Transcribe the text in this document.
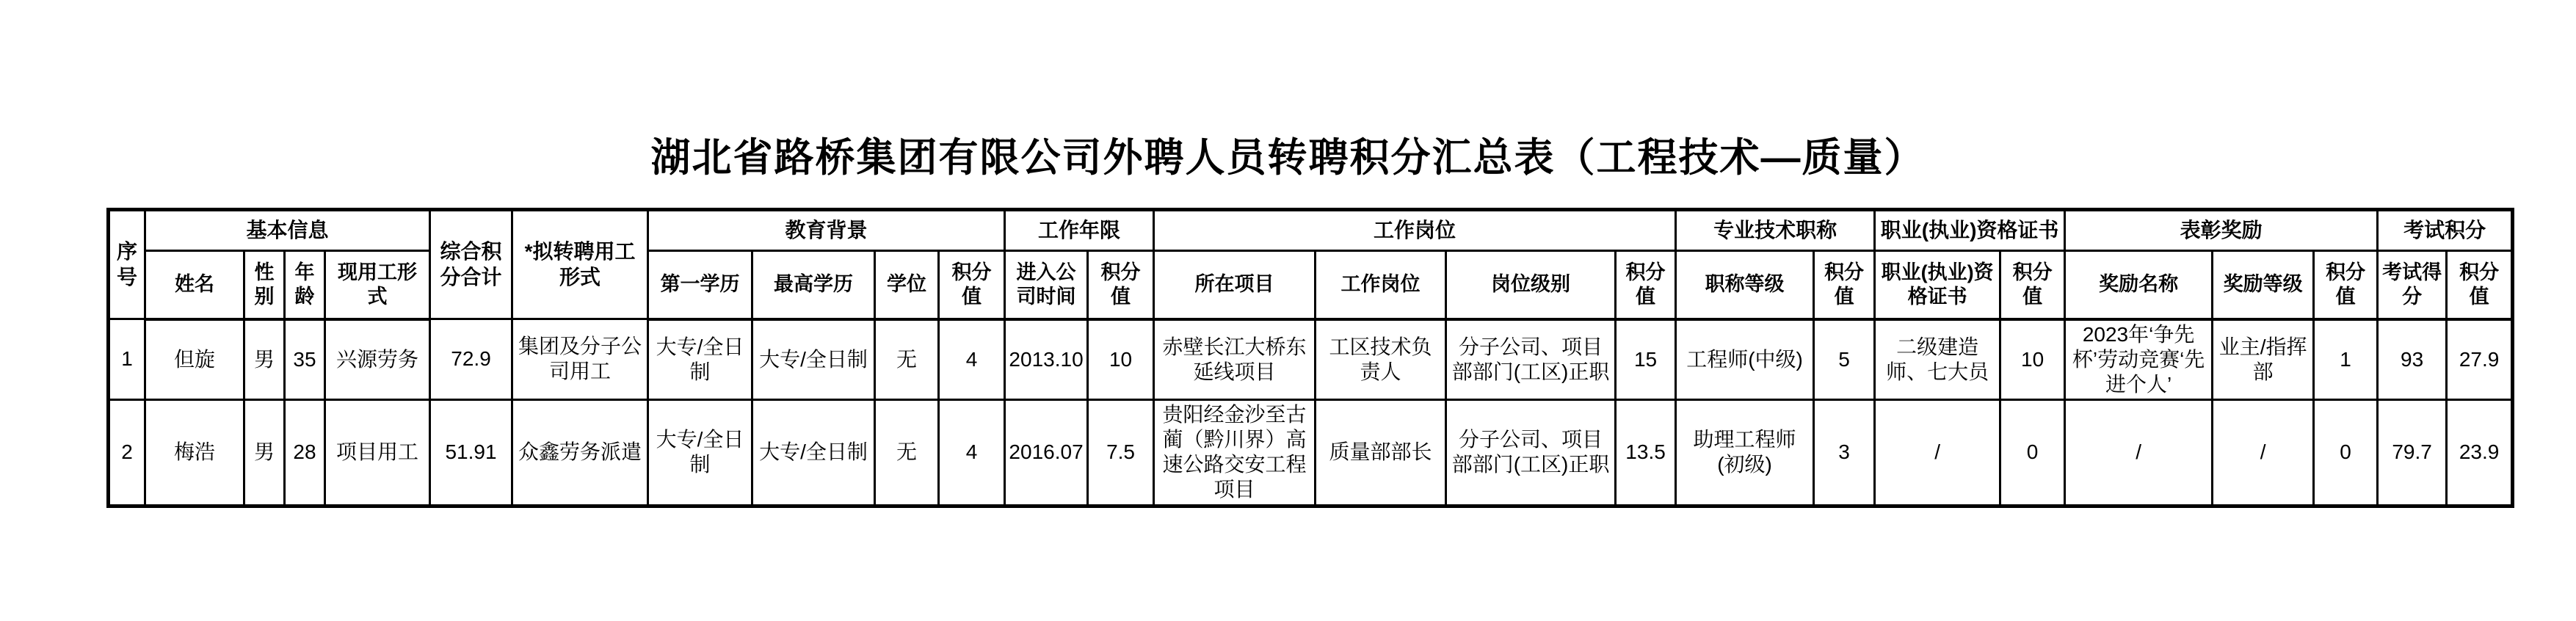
湖北省路桥集团有限公司外聘人员转聘积分汇总表（工程技术—质量）
序号	基本信息				综合积分合计	*拟转聘用工形式	教育背景				工作年限		工作岗位				专业技术职称		职业(执业)资格证书		表彰奖励			考试积分	
	姓名	性别	年龄	现用工形式			第一学历	最高学历	学位	积分值	进入公司时间	积分值	所在项目	工作岗位	岗位级别	积分值	职称等级	积分值	职业(执业)资格证书	积分值	奖励名称	奖励等级	积分值	考试得分	积分值
1	但旋	男	35	兴源劳务	72.9	集团及分子公司用工	大专/全日制	大专/全日制	无	4	2013.10	10	赤壁长江大桥东延线项目	工区技术负责人	分子公司、项目部部门(工区)正职	15	工程师(中级)	5	二级建造师、七大员	10	2023年‘争先杯’劳动竞赛‘先进个人’	业主/指挥部	1	93	27.9
2	梅浩	男	28	项目用工	51.91	众鑫劳务派遣	大专/全日制	大专/全日制	无	4	2016.07	7.5	贵阳经金沙至古蔺（黔川界）高速公路交安工程项目	质量部部长	分子公司、项目部部门(工区)正职	13.5	助理工程师(初级)	3	/	0	/	/	0	79.7	23.9
